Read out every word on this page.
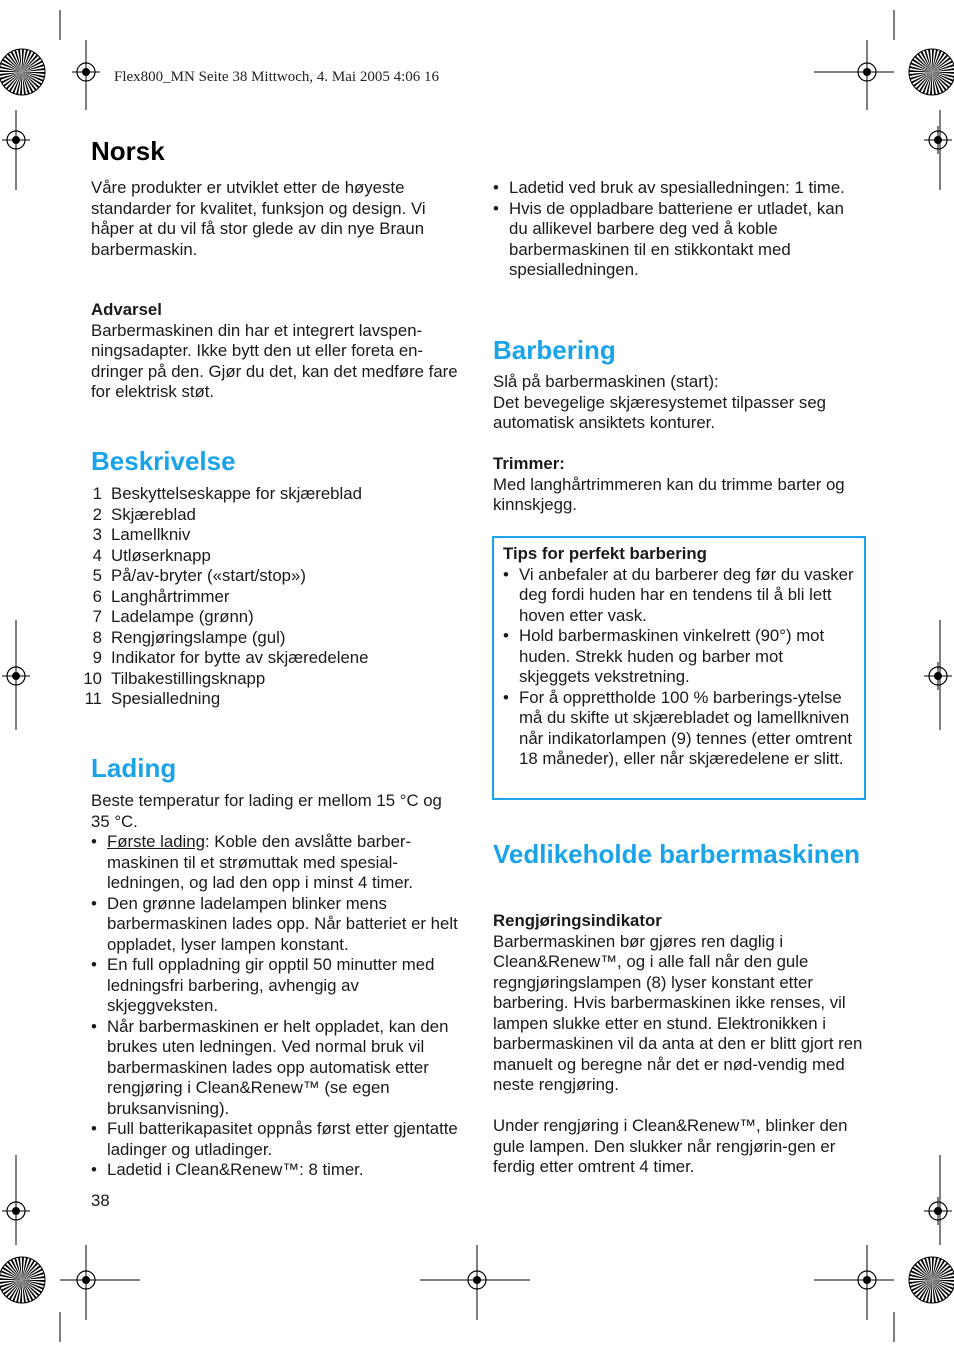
Flex800_MN Seite 38 Mittwoch, 4. Mai 2005 4:06 16
Norsk

Våre produkter er utviklet etter de høyeste standarder for kvalitet, funksjon og design. Vi håper at du vil få stor glede av din nye Braun barbermaskin.

Advarsel
Barbermaskinen din har et integrert lavspen-ningsadapter. Ikke bytt den ut eller foreta en-dringer på den. Gjør du det, kan det medføre fare for elektrisk støt.
Beskrivelse
1 Beskyttelseskappe for skjæreblad
2 Skjæreblad
3 Lamellkniv
4 Utløserknapp
5 På/av-bryter («start/stop»)
6 Langhårtrimmer
7 Ladelampe (grønn)
8 Rengjøringslampe (gul)
9 Indikator for bytte av skjæredelene
10 Tilbakestillingsknapp
11 Spesialledning
Lading

Beste temperatur for lading er mellom 15 °C og 35 °C.

• Første lading: Koble den avslåtte barber-maskinen til et strømuttak med spesial-ledningen, og lad den opp i minst 4 timer.
• Den grønne ladelampen blinker mens barbermaskinen lades opp. Når batteriet er helt oppladet, lyser lampen konstant.
• En full oppladning gir opptil 50 minutter med ledningsfri barbering, avhengig av skjeggveksten.
• Når barbermaskinen er helt oppladet, kan den brukes uten ledningen. Ved normal bruk vil barbermaskinen lades opp automatisk etter rengjøring i Clean&Renew™ (se egen bruksanvisning).
• Full batterikapasitet oppnås først etter gjentatte ladinger og utladinger.
• Ladetid i Clean&Renew™: 8 timer.
• Ladetid ved bruk av spesialledningen: 1 time.
• Hvis de oppladbare batteriene er utladet, kan du allikevel barbere deg ved å koble barbermaskinen til en stikkontakt med spesialledningen.
Barbering
Slå på barbermaskinen (start):
Det bevegelige skjæresystemet tilpasser seg automatisk ansiktets konturer.
Trimmer:
Med langhårtrimmeren kan du trimme barter og kinnskjegg.
Vedlikeholde barbermaskinen
Rengjøringsindikator

Barbermaskinen bør gjøres ren daglig i Clean&Renew™, og i alle fall når den gule regngjøringslampen (8) lyser konstant etter barbering. Hvis barbermaskinen ikke renses, vil lampen slukke etter en stund. Elektronikken i barbermaskinen vil da anta at den er blitt gjort ren manuelt og beregne når det er nød-vendig med neste rengjøring.

Under rengjøring i Clean&Renew™, blinker den gule lampen. Den slukker når rengjørin-gen er ferdig etter omtrent 4 timer.

Tips for perfekt barbering
• Vi anbefaler at du barberer deg før du vasker deg fordi huden har en tendens til å bli lett hoven etter vask.
• Hold barbermaskinen vinkelrett (90°) mot huden. Strekk huden og barber mot skjeggets vekstretning.
• For å opprettholde 100 % barberings-ytelse må du skifte ut skjærebladet og lamellkniven når indikatorlampen (9) tennes (etter omtrent 18 måneder), eller når skjæredelene er slitt.
38
